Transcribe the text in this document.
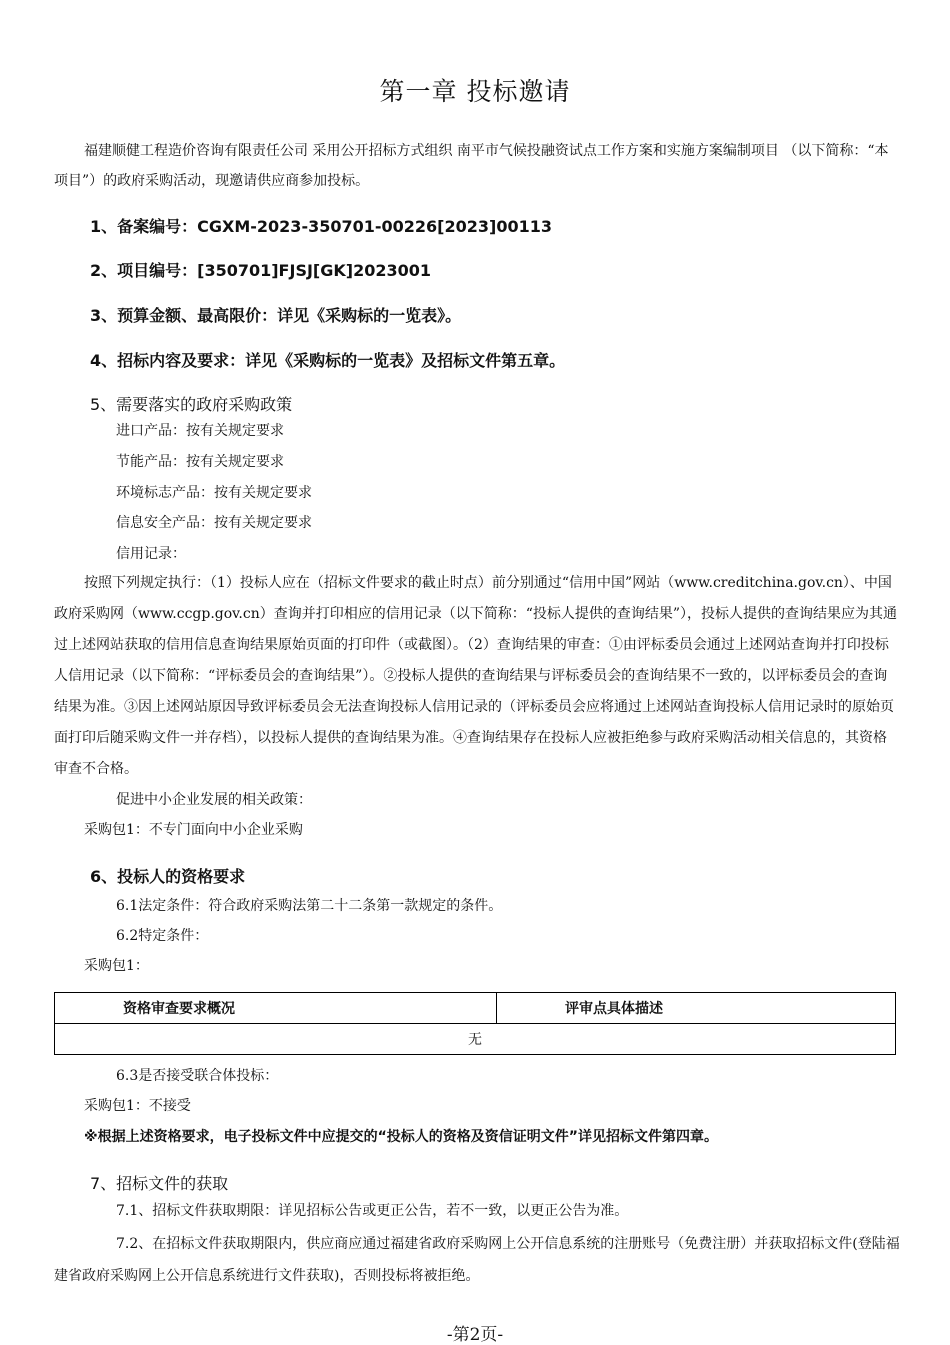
第一章 投标邀请
福建顺健工程造价咨询有限责任公司 采用公开招标方式组织 南平市气候投融资试点工作方案和实施方案编制项目 （以下简称：“本项目”）的政府采购活动，现邀请供应商参加投标。
1、备案编号：CGXM-2023-350701-00226[2023]00113
2、项目编号：[350701]FJSJ[GK]2023001
3、预算金额、最高限价：详见《采购标的一览表》。
4、招标内容及要求：详见《采购标的一览表》及招标文件第五章。
5、需要落实的政府采购政策
进口产品：按有关规定要求
节能产品：按有关规定要求
环境标志产品：按有关规定要求
信息安全产品：按有关规定要求
信用记录：
按照下列规定执行：（1）投标人应在（招标文件要求的截止时点）前分别通过“信用中国”网站（www.creditchina.gov.cn）、中国政府采购网（www.ccgp.gov.cn）查询并打印相应的信用记录（以下简称：“投标人提供的查询结果”），投标人提供的查询结果应为其通过上述网站获取的信用信息查询结果原始页面的打印件（或截图）。（2）查询结果的审查：①由评标委员会通过上述网站查询并打印投标人信用记录（以下简称：“评标委员会的查询结果”）。②投标人提供的查询结果与评标委员会的查询结果不一致的，以评标委员会的查询结果为准。③因上述网站原因导致评标委员会无法查询投标人信用记录的（评标委员会应将通过上述网站查询投标人信用记录时的原始页面打印后随采购文件一并存档），以投标人提供的查询结果为准。④查询结果存在投标人应被拒绝参与政府采购活动相关信息的，其资格审查不合格。
促进中小企业发展的相关政策：
采购包1：不专门面向中小企业采购
6、投标人的资格要求
6.1法定条件：符合政府采购法第二十二条第一款规定的条件。
6.2特定条件：
采购包1：
资格审查要求概况	评审点具体描述
无
6.3是否接受联合体投标：
采购包1：不接受
※根据上述资格要求，电子投标文件中应提交的“投标人的资格及资信证明文件”详见招标文件第四章。
7、招标文件的获取
7.1、招标文件获取期限：详见招标公告或更正公告，若不一致，以更正公告为准。
7.2、在招标文件获取期限内，供应商应通过福建省政府采购网上公开信息系统的注册账号（免费注册）并获取招标文件(登陆福建省政府采购网上公开信息系统进行文件获取)，否则投标将被拒绝。
-第2页-
